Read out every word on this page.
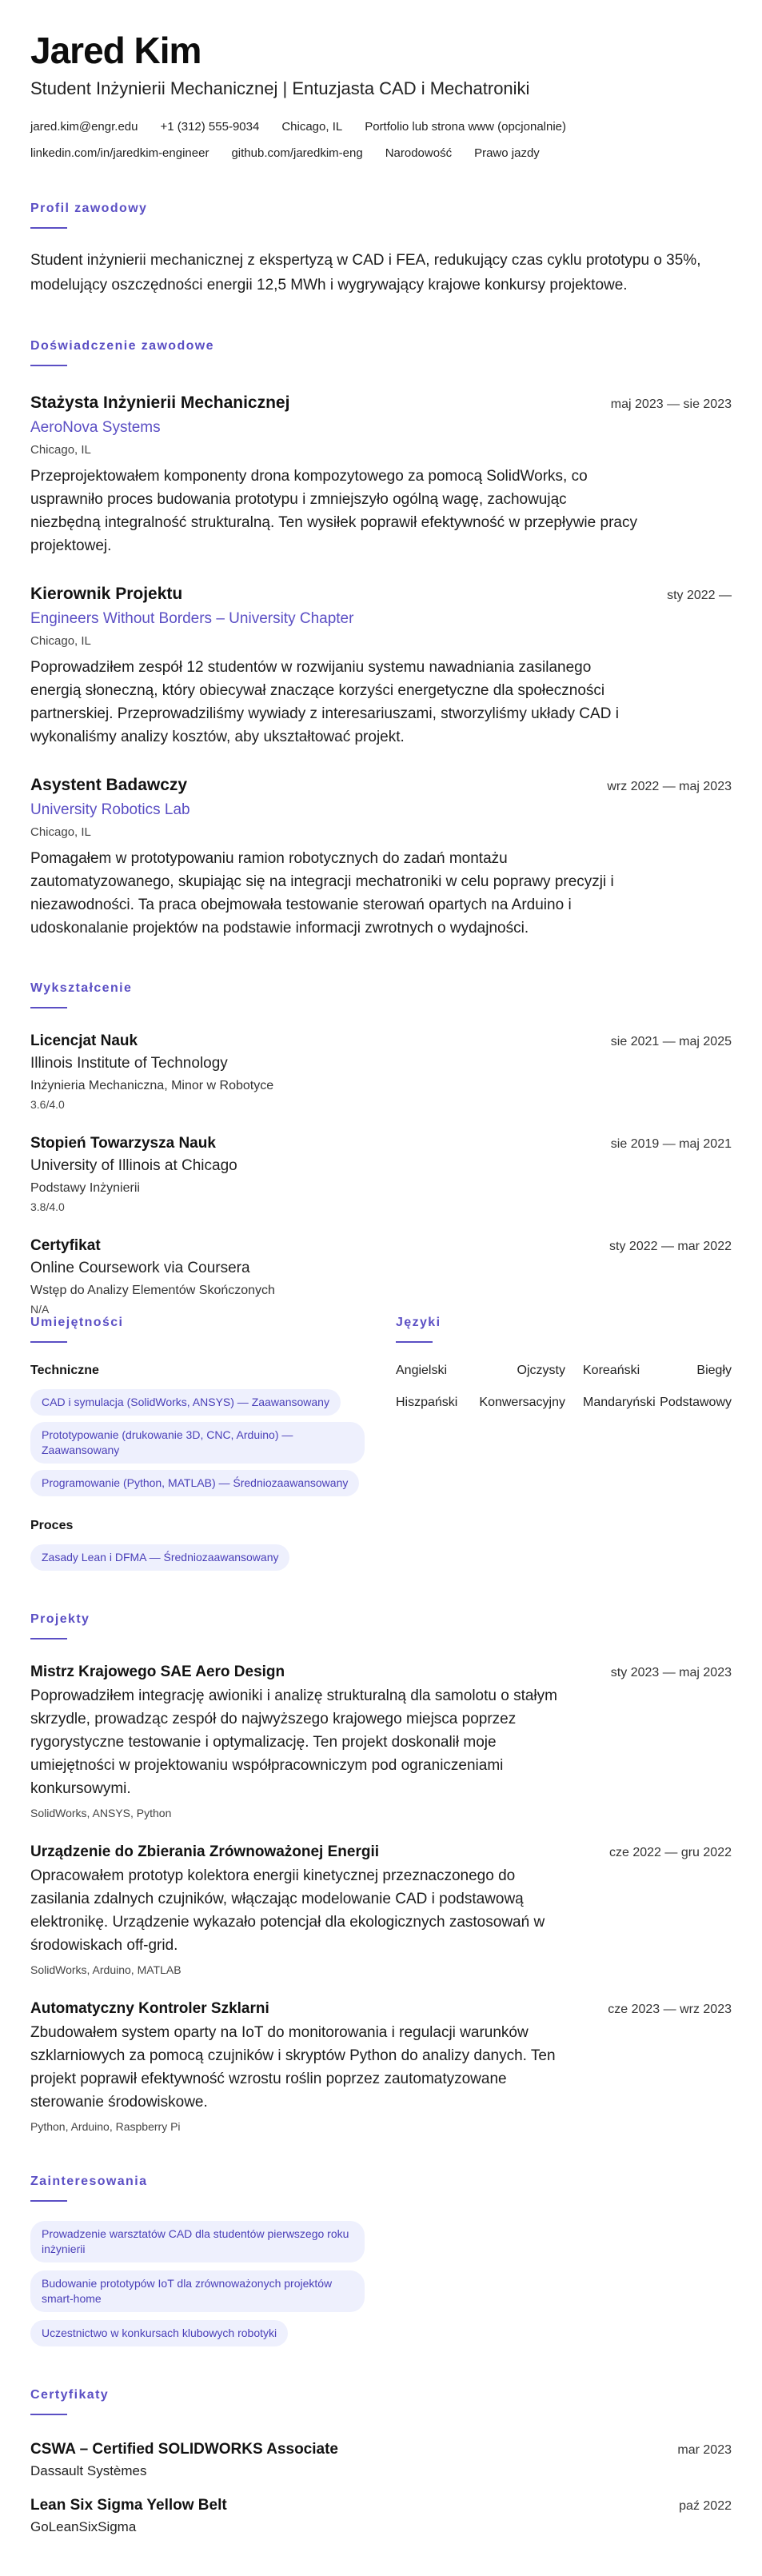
Jared Kim
Student Inżynierii Mechanicznej | Entuzjasta CAD i Mechatroniki
jared.kim@engr.edu +1 (312) 555-9034 Chicago, IL Portfolio lub strona www (opcjonalnie)
linkedin.com/in/jaredkim-engineer github.com/jaredkim-eng Narodowość Prawo jazdy
Profil zawodowy
Student inżynierii mechanicznej z ekspertyzą w CAD i FEA, redukujący czas cyklu prototypu o 35%, modelujący oszczędności energii 12,5 MWh i wygrywający krajowe konkursy projektowe.
Doświadczenie zawodowe
Stażysta Inżynierii Mechanicznej	maj 2023 — sie 2023
AeroNova Systems
Chicago, IL
Przeprojektowałem komponenty drona kompozytowego za pomocą SolidWorks, co usprawniło proces budowania prototypu i zmniejszyło ogólną wagę, zachowując niezbędną integralność strukturalną. Ten wysiłek poprawił efektywność w przepływie pracy projektowej.
Kierownik Projektu	sty 2022 —
Engineers Without Borders – University Chapter
Chicago, IL
Poprowadziłem zespół 12 studentów w rozwijaniu systemu nawadniania zasilanego energią słoneczną, który obiecywał znaczące korzyści energetyczne dla społeczności partnerskiej. Przeprowadziliśmy wywiady z interesariuszami, stworzyliśmy układy CAD i wykonaliśmy analizy kosztów, aby ukształtować projekt.
Asystent Badawczy	wrz 2022 — maj 2023
University Robotics Lab
Chicago, IL
Pomagałem w prototypowaniu ramion robotycznych do zadań montażu zautomatyzowanego, skupiając się na integracji mechatroniki w celu poprawy precyzji i niezawodności. Ta praca obejmowała testowanie sterowań opartych na Arduino i udoskonalanie projektów na podstawie informacji zwrotnych o wydajności.
Wykształcenie
Licencjat Nauk	sie 2021 — maj 2025
Illinois Institute of Technology
Inżynieria Mechaniczna, Minor w Robotyce
3.6/4.0
Stopień Towarzysza Nauk	sie 2019 — maj 2021
University of Illinois at Chicago
Podstawy Inżynierii
3.8/4.0
Certyfikat	sty 2022 — mar 2022
Online Coursework via Coursera
Wstęp do Analizy Elementów Skończonych
N/A
Umiejętności
Techniczne
CAD i symulacja (SolidWorks, ANSYS) — Zaawansowany
Prototypowanie (drukowanie 3D, CNC, Arduino) — Zaawansowany
Programowanie (Python, MATLAB) — Średniozaawansowany
Proces
Zasady Lean i DFMA — Średniozaawansowany
Języki
Angielski	Ojczysty	Koreański	Biegły
Hiszpański	Konwersacyjny	Mandaryński Podstawowy
Projekty
Mistrz Krajowego SAE Aero Design	sty 2023 — maj 2023
Poprowadziłem integrację awioniki i analizę strukturalną dla samolotu o stałym skrzydle, prowadząc zespół do najwyższego krajowego miejsca poprzez rygorystyczne testowanie i optymalizację. Ten projekt doskonalił moje umiejętności w projektowaniu współpracowniczym pod ograniczeniami konkursowymi.
SolidWorks, ANSYS, Python
Urządzenie do Zbierania Zrównoważonej Energii	cze 2022 — gru 2022
Opracowałem prototyp kolektora energii kinetycznej przeznaczonego do zasilania zdalnych czujników, włączając modelowanie CAD i podstawową elektronikę. Urządzenie wykazało potencjał dla ekologicznych zastosowań w środowiskach off-grid.
SolidWorks, Arduino, MATLAB
Automatyczny Kontroler Szklarni	cze 2023 — wrz 2023
Zbudowałem system oparty na IoT do monitorowania i regulacji warunków szklarniowych za pomocą czujników i skryptów Python do analizy danych. Ten projekt poprawił efektywność wzrostu roślin poprzez zautomatyzowane sterowanie środowiskowe.
Python, Arduino, Raspberry Pi
Zainteresowania
Prowadzenie warsztatów CAD dla studentów pierwszego roku inżynierii
Budowanie prototypów IoT dla zrównoważonych projektów smart-home
Uczestnictwo w konkursach klubowych robotyki
Certyfikaty
CSWA – Certified SOLIDWORKS Associate	mar 2023
Dassault Systèmes
Lean Six Sigma Yellow Belt	paź 2022
GoLeanSixSigma
